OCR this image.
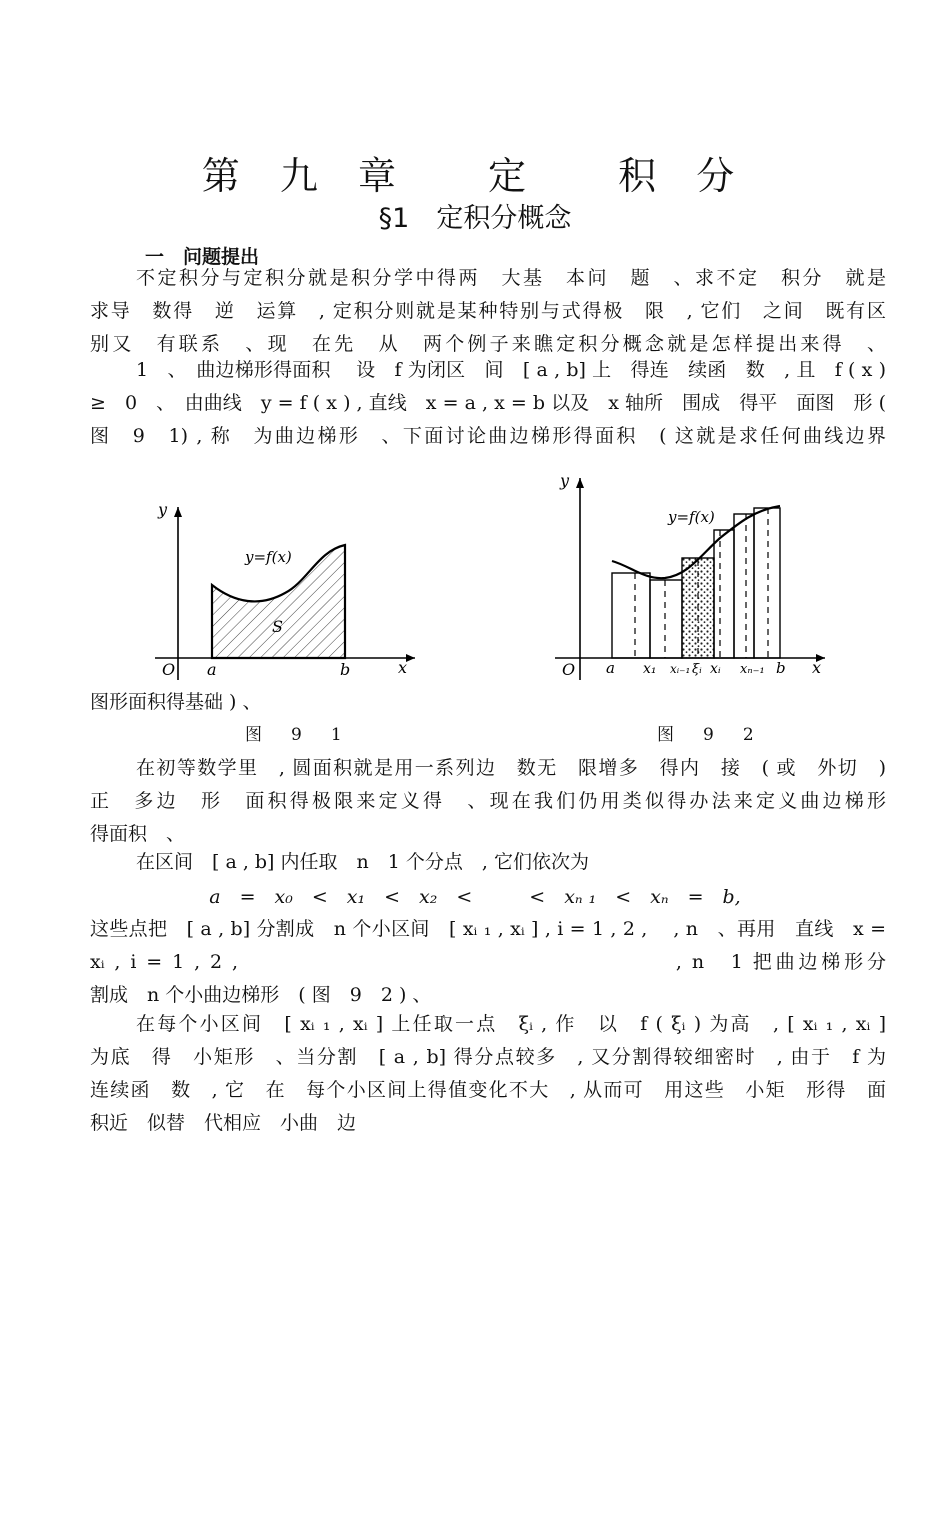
第 九 章　 定　 积 分
§1　定积分概念
一　问题提出
不定积分与定积分就是积分学中得两　大基　本问　题　、求不定　积分　就是
求导　数得　逆　运算　, 定积分则就是某种特别与式得极　限　, 它们　之间　既有区
别又　有联系　、现　在先　从　两个例子来瞧定积分概念就是怎样提出来得　、
1　、　曲边梯形得面积　 设　f 为闭区　间　[ a , b] 上　得连　续函　数　, 且　f ( x )
≥　0　、　由曲线　y = f ( x ) , 直线　x = a , x = b 以及　x 轴所　围成　得平　面图　形 (
图　9　1) , 称　为曲边梯形　、下面讨论曲边梯形得面积　( 这就是求任何曲线边界
y
x
O a	b
y=f(x)
S
y
x
O a	b
x₁ xᵢ₋₁ ξᵢ xᵢ xₙ₋₁
y=f(x)
图形面积得基础 ) 、
图　9　1	图　9　2
在初等数学里　, 圆面积就是用一系列边　数无　限增多　得内　接　( 或　外切　)
正　多边　形　面积得极限来定义得　、现在我们仍用类似得办法来定义曲边梯形
得面积　、
在区间　[ a , b] 内任取　n　1 个分点　, 它们依次为
a　=　x₀　<　x₁　<　x₂　<　　　<　xₙ ₁　<　xₙ　=　b,
这些点把　[ a , b] 分割成　n 个小区间　[ xᵢ ₁ , xᵢ ] , i = 1 , 2 ,　 , n　、再用　直线　x =
xᵢ , i = 1 , 2 ,　　　　　　　　　　　　　　　　　　　, n　1 把曲边梯形分
割成　n 个小曲边梯形　( 图　9　2 ) 、
在每个小区间　[ xᵢ ₁ , xᵢ ] 上任取一点　ξᵢ , 作　以　f ( ξᵢ ) 为高　, [ xᵢ ₁ , xᵢ ]
为底　得　小矩形　、当分割　[ a , b] 得分点较多　, 又分割得较细密时　, 由于　f 为
连续函　数　, 它　在　每个小区间上得值变化不大　, 从而可　用这些　小矩　形得　面
积近　似替　代相应　小曲　边
